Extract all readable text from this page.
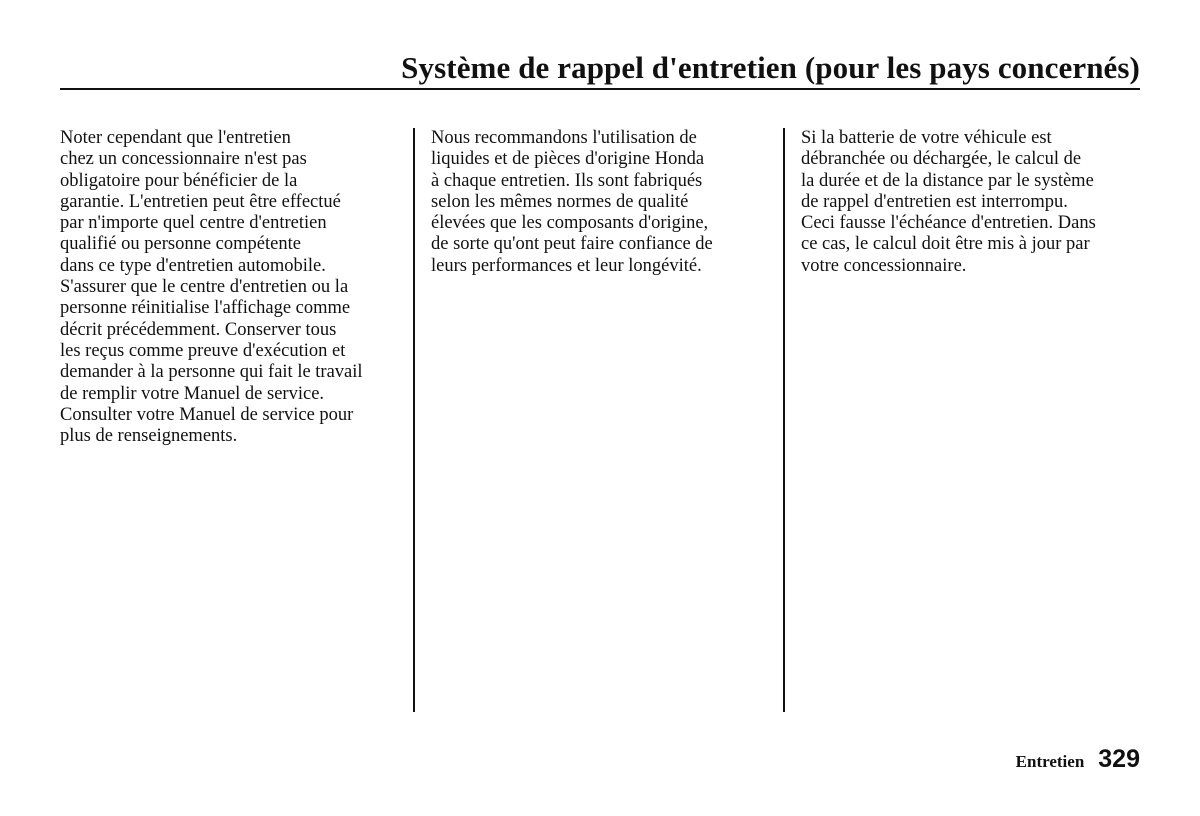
Système de rappel d'entretien (pour les pays concernés)

Noter cependant que l'entretien
chez un concessionnaire n'est pas
obligatoire pour bénéficier de la
garantie. L'entretien peut être effectué
par n'importe quel centre d'entretien
qualifié ou personne compétente
dans ce type d'entretien automobile.
S'assurer que le centre d'entretien ou la
personne réinitialise l'affichage comme
décrit précédemment. Conserver tous
les reçus comme preuve d'exécution et
demander à la personne qui fait le travail
de remplir votre Manuel de service.
Consulter votre Manuel de service pour
plus de renseignements.

Nous recommandons l'utilisation de
liquides et de pièces d'origine Honda
à chaque entretien. Ils sont fabriqués
selon les mêmes normes de qualité
élevées que les composants d'origine,
de sorte qu'ont peut faire confiance de
leurs performances et leur longévité.

Si la batterie de votre véhicule est
débranchée ou déchargée, le calcul de
la durée et de la distance par le système
de rappel d'entretien est interrompu.
Ceci fausse l'échéance d'entretien. Dans
ce cas, le calcul doit être mis à jour par
votre concessionnaire.

Entretien 329
